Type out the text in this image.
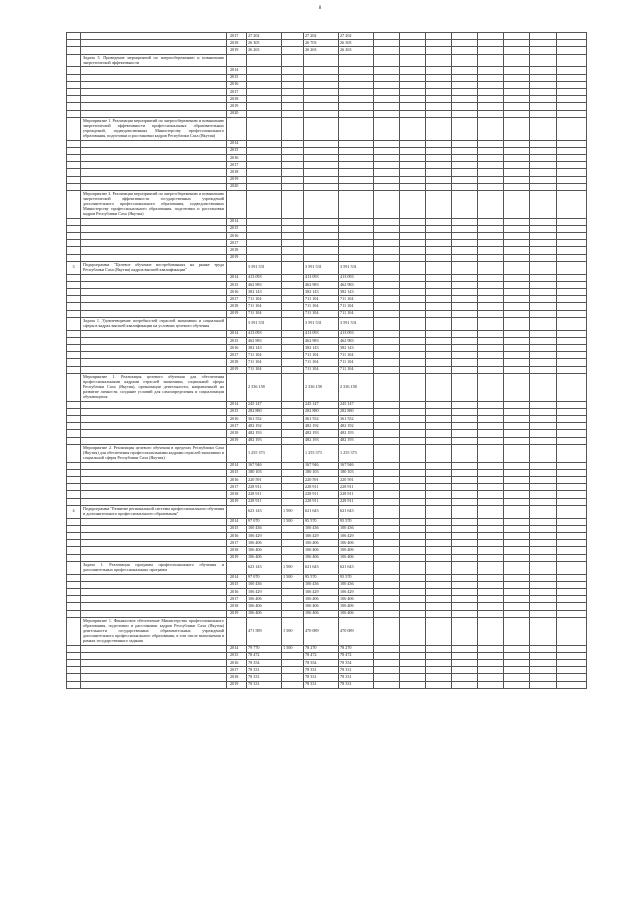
8
		2017	27 202		27 202	27 202								
		2018	26 305		26 703	26 305								
		2019	26 263		26 263	26 263								
	Задача 5. Проведение мероприятий по энергосбережению и повышению энергетической эффективности													
		2014												
		2015												
		2016												
		2017												
		2018												
		2019												
		2020												
	Мероприятие 1. Реализация мероприятий по энергосбережению и повышению энергетической эффективности профессиональных образовательных учреждений, подведомственных Министерству профессионального образования, подготовки и расстановки кадров Республики Саха (Якутия)													
		2014												
		2015												
		2016												
		2017												
		2018												
		2019												
		2020												
	Мероприятие 2. Реализация мероприятий по энергосбережению и повышению энергетической эффективности государственных учреждений дополнительного профессионального образования, подведомственных Министерству профессионального образования, подготовки и расстановки кадров Республики Саха (Якутия)													
		2014												
		2015												
		2016												
		2017												
		2018												
		2019												
3	Подпрограмма "Целевое обучение востребованных на рынке труда Республики Саха (Якутия) кадров высшей квалификации"		3 591 531		3 591 531	3 591 531								
		2014	413 093		413 093	413 093								
		2015	462 983		462 983	462 983								
		2016	382 143		382 143	382 143								
		2017	711 104		711 104	711 104								
		2018	711 104		711 104	711 104								
		2019	711 104		711 104	711 104								
	Задача 1. Удовлетворение потребностей отраслей экономики и социальной сферы в кадрах высшей квалификации на условиях целевого обучения		3 591 531		3 591 531	3 591 531								
		2014	413 093		413 093	413 093								
		2015	462 983		462 983	462 983								
		2016	382 143		382 143	382 143								
		2017	711 104		711 104	711 104								
		2018	711 104		711 104	711 104								
		2019	711 104		711 104	711 104								
	Мероприятие 1. Реализация целевого обучения для обеспечения профессиональными кадрами отраслей экономики, социальной сферы Республики Саха (Якутия), организация деятельности, направленной на развитие личности, создание условий для самоопределения и социализации обучающихся		2 336 158		2 336 158	2 336 158								
		2014	245 147		245 147	245 147								
		2015	282 880		282 880	282 880								
		2016	361 552		361 552	361 552								
		2017	482 192		482 192	482 192								
		2018	482 193		482 193	482 193								
		2019	482 193		482 193	482 193								
	Мероприятие 2. Реализация целевого обучения в пределах Республики Саха (Якутия) для обеспечения профессиональными кадрами отраслей экономики и социальной сферы Республики Саха (Якутия)		1 255 373		1 255 373	1 255 373								
		2014	167 946		167 946	167 946								
		2015	180 103		180 103	180 103								
		2016	220 591		220 591	220 591								
		2017	228 911		228 911	228 911								
		2018	228 911		228 911	228 911								
		2019	228 911		228 911	228 911								
4	Подпрограмма "Развитие региональной системы профессионального обучения и дополнительного профессионального образования"		623 143	1 500	621 643	621 643								
		2014	97 070	1 500	95 570	95 570								
		2015	100 436		100 436	100 436								
		2016	106 429		106 429	106 429								
		2017	106 406		106 406	106 406								
		2018	106 406		106 406	106 406								
		2019	106 406		106 406	106 406								
	Задача 1. Реализация программ профессионального обучения и дополнительных профессиональных программ		623 143	1 500	621 643	621 643								
		2014	97 070	1 500	95 570	95 570								
		2015	100 436		100 436	100 436								
		2016	106 429		106 429	106 429								
		2017	106 406		106 406	106 406								
		2018	106 406		106 406	106 406								
		2019	106 406		106 406	106 406								
	Мероприятие 1. Финансовое обеспечение Министерства профессионального образования, подготовки и расстановки кадров Республики Саха (Якутия) деятельности государственных образовательных учреждений дополнительного профессионального образования, в том числе выполнения в рамках государственного задания		471 589	1 500	470 089	470 089								
		2014	79 770	1 500	78 270	78 270								
		2015	78 472		78 472	78 472								
		2016	78 354		78 354	78 354								
		2017	78 331		78 331	78 331								
		2018	78 331		78 331	78 331								
		2019	78 331		78 331	78 331								
